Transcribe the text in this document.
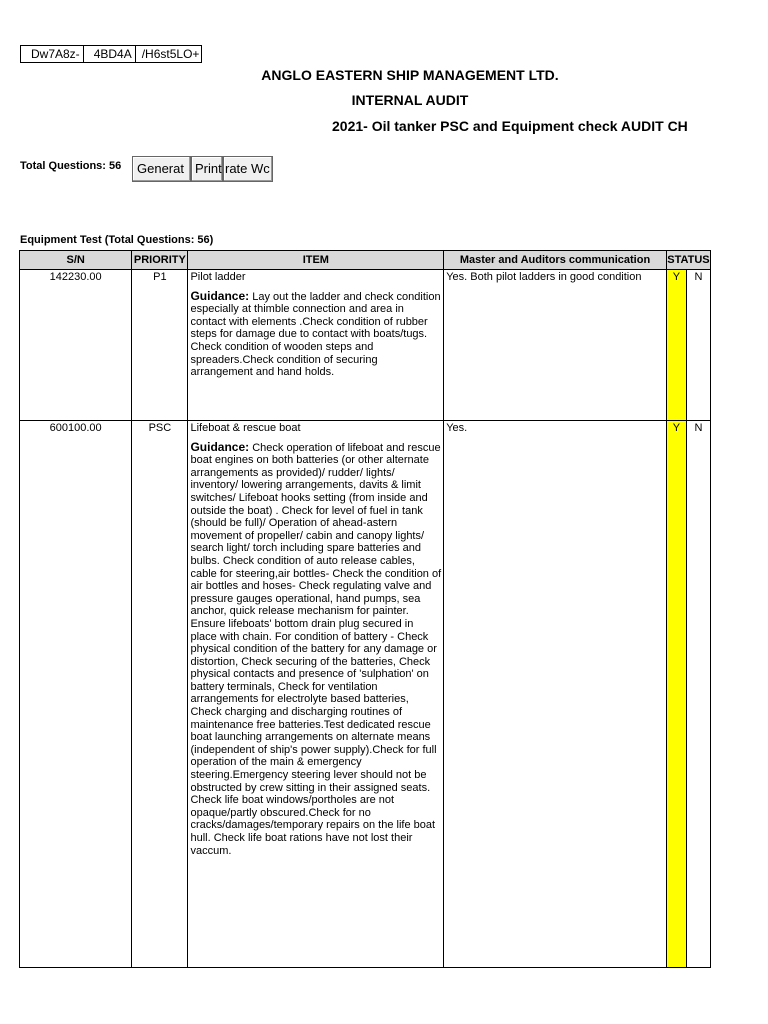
Dw7A8z-	4BD4A /H6st5LO+
ANGLO EASTERN SHIP MANAGEMENT LTD.
INTERNAL AUDIT
2021- Oil tanker PSC and Equipment check AUDIT CH
Total Questions: 56	Generat Print rate Wc
Equipment Test (Total Questions: 56)
S/N	PRIORITY	ITEM	Master and Auditors communication	STATUS	
142230.00	P1	Pilot ladder
Guidance: Lay out the ladder and check condition especially at thimble connection and area in contact with elements .Check condition of rubber steps for damage due to contact with boats/tugs. Check condition of wooden steps and spreaders.Check condition of securing arrangement and hand holds.	Yes. Both pilot ladders in good condition	Y	N
600100.00	PSC	Lifeboat & rescue boat
Guidance: Check operation of lifeboat and rescue boat engines on both batteries (or other alternate arrangements as provided)/ rudder/ lights/ inventory/ lowering arrangements, davits & limit switches/ Lifeboat hooks setting (from inside and outside the boat) . Check for level of fuel in tank (should be full)/ Operation of ahead-astern movement of propeller/ cabin and canopy lights/ search light/ torch including spare batteries and bulbs. Check condition of auto release cables, cable for steering,air bottles- Check the condition of air bottles and hoses- Check regulating valve and pressure gauges operational, hand pumps, sea anchor, quick release mechanism for painter. Ensure lifeboats' bottom drain plug secured in place with chain. For condition of battery - Check physical condition of the battery for any damage or distortion, Check securing of the batteries, Check physical contacts and presence of 'sulphation' on battery terminals, Check for ventilation arrangements for electrolyte based batteries, Check charging and discharging routines of maintenance free batteries.Test dedicated rescue boat launching arrangements on alternate means (independent of ship's power supply).Check for full operation of the main & emergency steering.Emergency steering lever should not be obstructed by crew sitting in their assigned seats. Check life boat windows/portholes are not opaque/partly obscured.Check for no cracks/damages/temporary repairs on the life boat hull. Check life boat rations have not lost their vaccum.	Yes.	Y	N
